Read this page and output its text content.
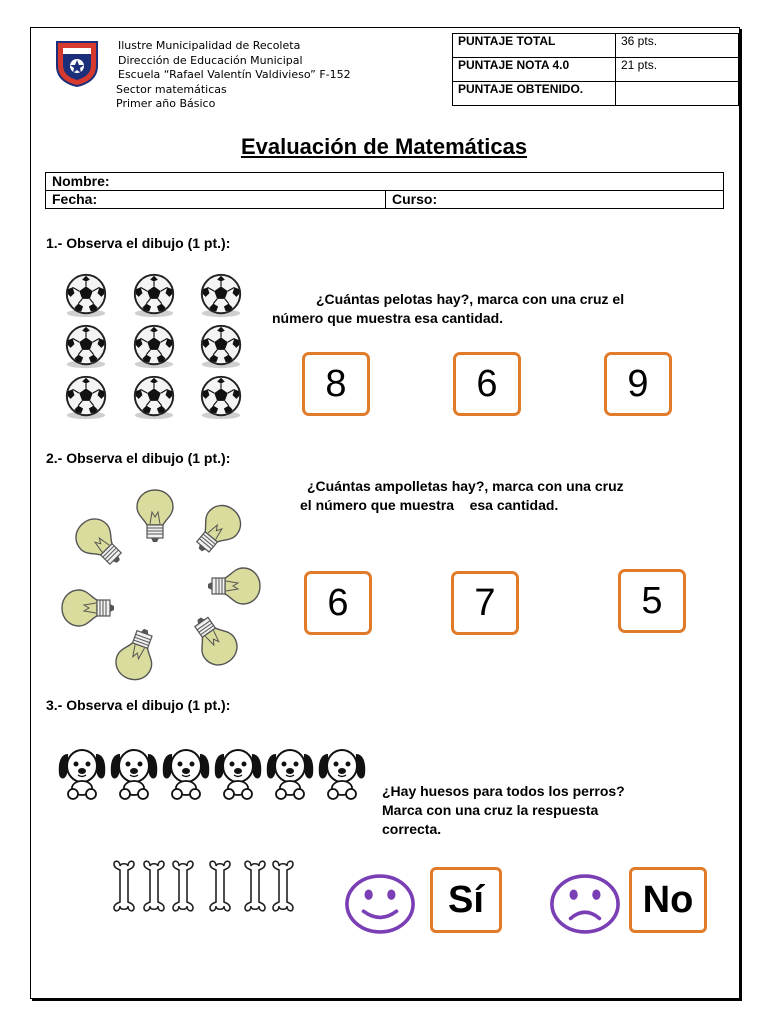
Ilustre Municipalidad de Recoleta
Dirección de Educación Municipal
Escuela “Rafael Valentín Valdivieso” F-152
Sector matemáticas
Primer año Básico
PUNTAJE TOTAL	36 pts.
PUNTAJE NOTA 4.0	21 pts.
PUNTAJE OBTENIDO.	
Evaluación de Matemáticas
Nombre:
Fecha:	Curso:
1.- Observa el dibujo (1 pt.):
¿Cuántas pelotas hay?, marca con una cruz el
número que muestra esa cantidad.
8	6	9
2.- Observa el dibujo (1 pt.):
¿Cuántas ampolletas hay?, marca con una cruz
el número que muestra    esa cantidad.
6	7	5
3.- Observa el dibujo (1 pt.):
¿Hay huesos para todos los perros?
Marca con una cruz la respuesta
correcta.
Sí	No
